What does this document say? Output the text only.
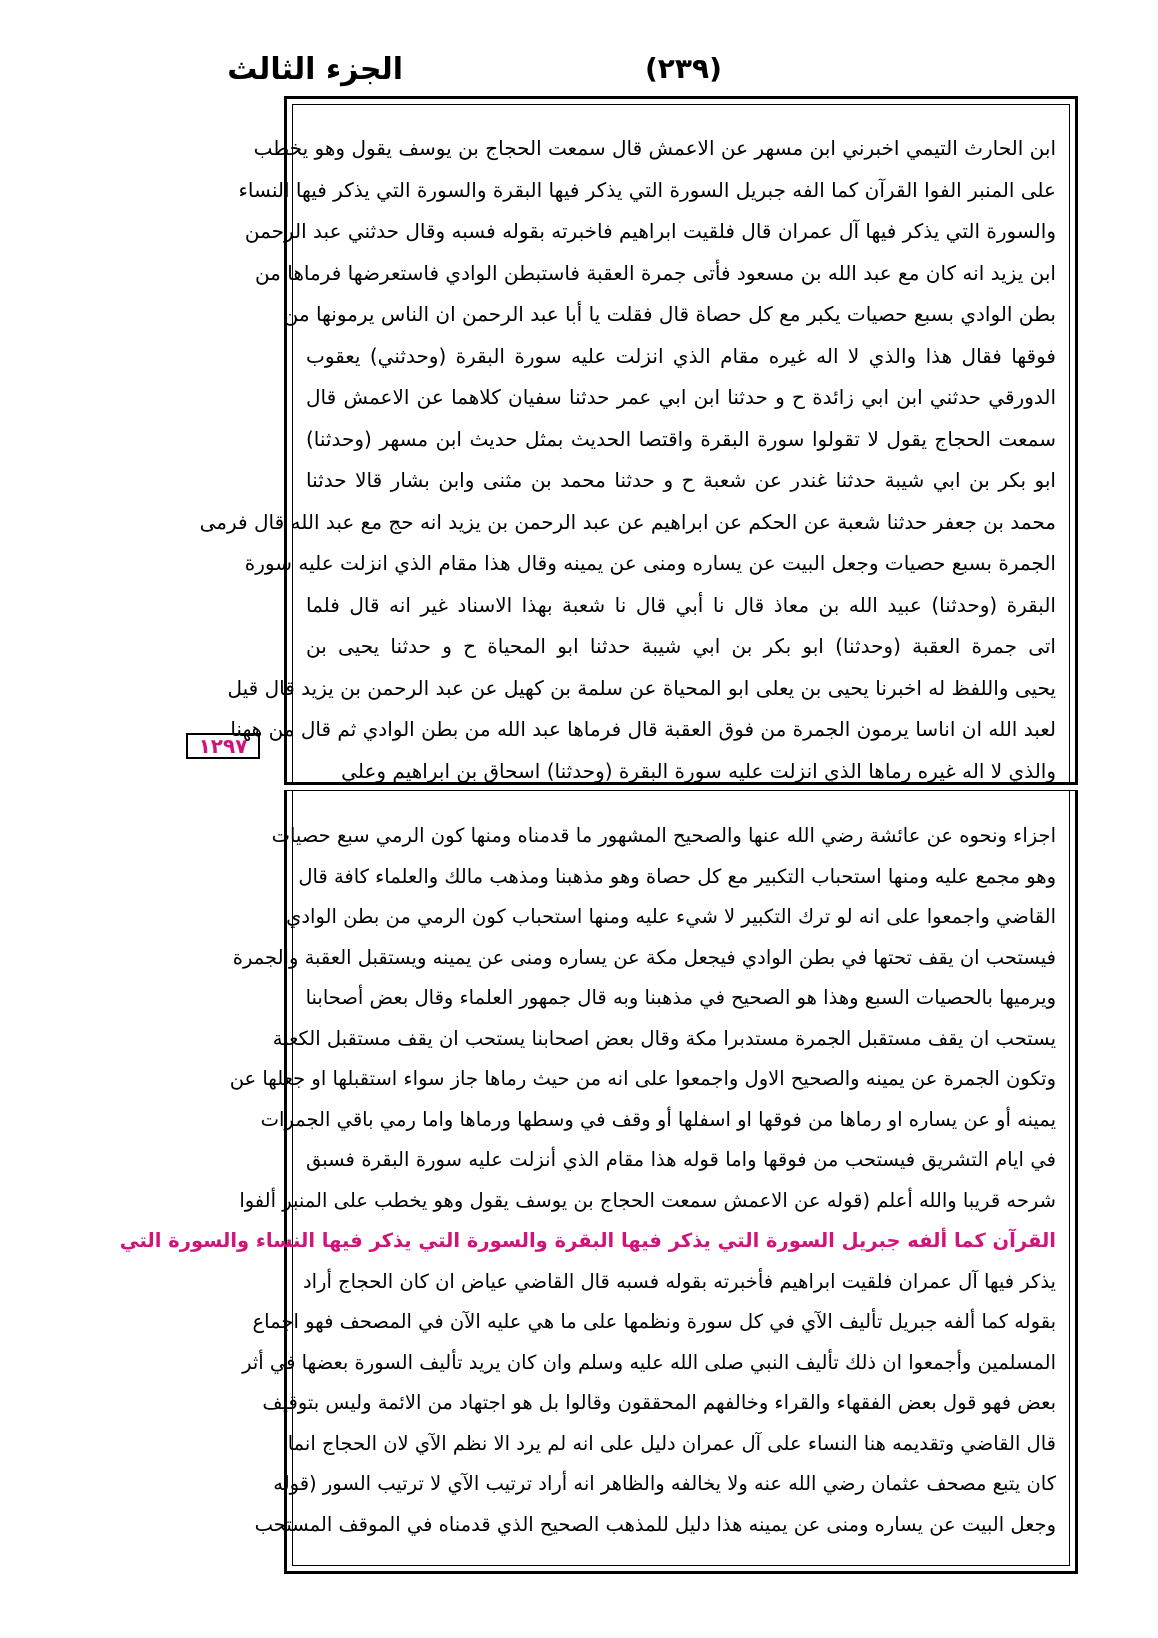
الجزء الثالث	(٢٣٩)
١٢٩٧
ابن الحارث التيمي اخبرني ابن مسهر عن الاعمش قال سمعت الحجاج بن يوسف يقول وهو يخطب
على المنبر الفوا القرآن كما الفه جبريل السورة التي يذكر فيها البقرة والسورة التي يذكر فيها النساء
والسورة التي يذكر فيها آل عمران قال فلقيت ابراهيم فاخبرته بقوله فسبه وقال حدثني عبد الرحمن
ابن يزيد انه كان مع عبد الله بن مسعود فأتى جمرة العقبة فاستبطن الوادي فاستعرضها فرماها من
بطن الوادي بسبع حصيات يكبر مع كل حصاة قال فقلت يا أبا عبد الرحمن ان الناس يرمونها من
فوقها فقال هذا والذي لا اله غيره مقام الذي انزلت عليه سورة البقرة (وحدثني) يعقوب
الدورقي حدثني ابن ابي زائدة ح و حدثنا ابن ابي عمر حدثنا سفيان كلاهما عن الاعمش قال
سمعت الحجاج يقول لا تقولوا سورة البقرة واقتصا الحديث بمثل حديث ابن مسهر (وحدثنا)
ابو بكر بن ابي شيبة حدثنا غندر عن شعبة ح و حدثنا محمد بن مثنى وابن بشار قالا حدثنا
محمد بن جعفر حدثنا شعبة عن الحكم عن ابراهيم عن عبد الرحمن بن يزيد انه حج مع عبد الله قال فرمى
الجمرة بسبع حصيات وجعل البيت عن يساره ومنى عن يمينه وقال هذا مقام الذي انزلت عليه سورة
البقرة (وحدثنا) عبيد الله بن معاذ قال نا أبي قال نا شعبة بهذا الاسناد غير انه قال فلما
اتى جمرة العقبة (وحدثنا) ابو بكر بن ابي شيبة حدثنا ابو المحياة ح و حدثنا يحيى بن
يحيى واللفظ له اخبرنا يحيى بن يعلى ابو المحياة عن سلمة بن كهيل عن عبد الرحمن بن يزيد قال قيل
لعبد الله ان اناسا يرمون الجمرة من فوق العقبة قال فرماها عبد الله من بطن الوادي ثم قال من ههنا
والذي لا اله غيره رماها الذي انزلت عليه سورة البقرة (وحدثنا) اسحاق بن ابراهيم وعلي
اجزاء ونحوه عن عائشة رضي الله عنها والصحيح المشهور ما قدمناه ومنها كون الرمي سبع حصيات
وهو مجمع عليه ومنها استحباب التكبير مع كل حصاة وهو مذهبنا ومذهب مالك والعلماء كافة قال
القاضي واجمعوا على انه لو ترك التكبير لا شيء عليه ومنها استحباب كون الرمي من بطن الوادي
فيستحب ان يقف تحتها في بطن الوادي فيجعل مكة عن يساره ومنى عن يمينه ويستقبل العقبة والجمرة
ويرميها بالحصيات السبع وهذا هو الصحيح في مذهبنا وبه قال جمهور العلماء وقال بعض أصحابنا
يستحب ان يقف مستقبل الجمرة مستدبرا مكة وقال بعض اصحابنا يستحب ان يقف مستقبل الكعبة
وتكون الجمرة عن يمينه والصحيح الاول واجمعوا على انه من حيث رماها جاز سواء استقبلها او جعلها عن
يمينه أو عن يساره او رماها من فوقها او اسفلها أو وقف في وسطها ورماها واما رمي باقي الجمرات
في ايام التشريق فيستحب من فوقها واما قوله هذا مقام الذي أنزلت عليه سورة البقرة فسبق
شرحه قريبا والله أعلم (قوله عن الاعمش سمعت الحجاج بن يوسف يقول وهو يخطب على المنبر ألفوا
القرآن كما ألفه جبريل السورة التي يذكر فيها البقرة والسورة التي يذكر فيها النساء والسورة التي
يذكر فيها آل عمران فلقيت ابراهيم فأخبرته بقوله فسبه قال القاضي عياض ان كان الحجاج أراد
بقوله كما ألفه جبريل تأليف الآي في كل سورة ونظمها على ما هي عليه الآن في المصحف فهو اجماع
المسلمين وأجمعوا ان ذلك تأليف النبي صلى الله عليه وسلم وان كان يريد تأليف السورة بعضها في أثر
بعض فهو قول بعض الفقهاء والقراء وخالفهم المحققون وقالوا بل هو اجتهاد من الائمة وليس بتوقيف
قال القاضي وتقديمه هنا النساء على آل عمران دليل على انه لم يرد الا نظم الآي لان الحجاج انما
كان يتبع مصحف عثمان رضي الله عنه ولا يخالفه والظاهر انه أراد ترتيب الآي لا ترتيب السور (قوله
وجعل البيت عن يساره ومنى عن يمينه هذا دليل للمذهب الصحيح الذي قدمناه في الموقف المستحب
